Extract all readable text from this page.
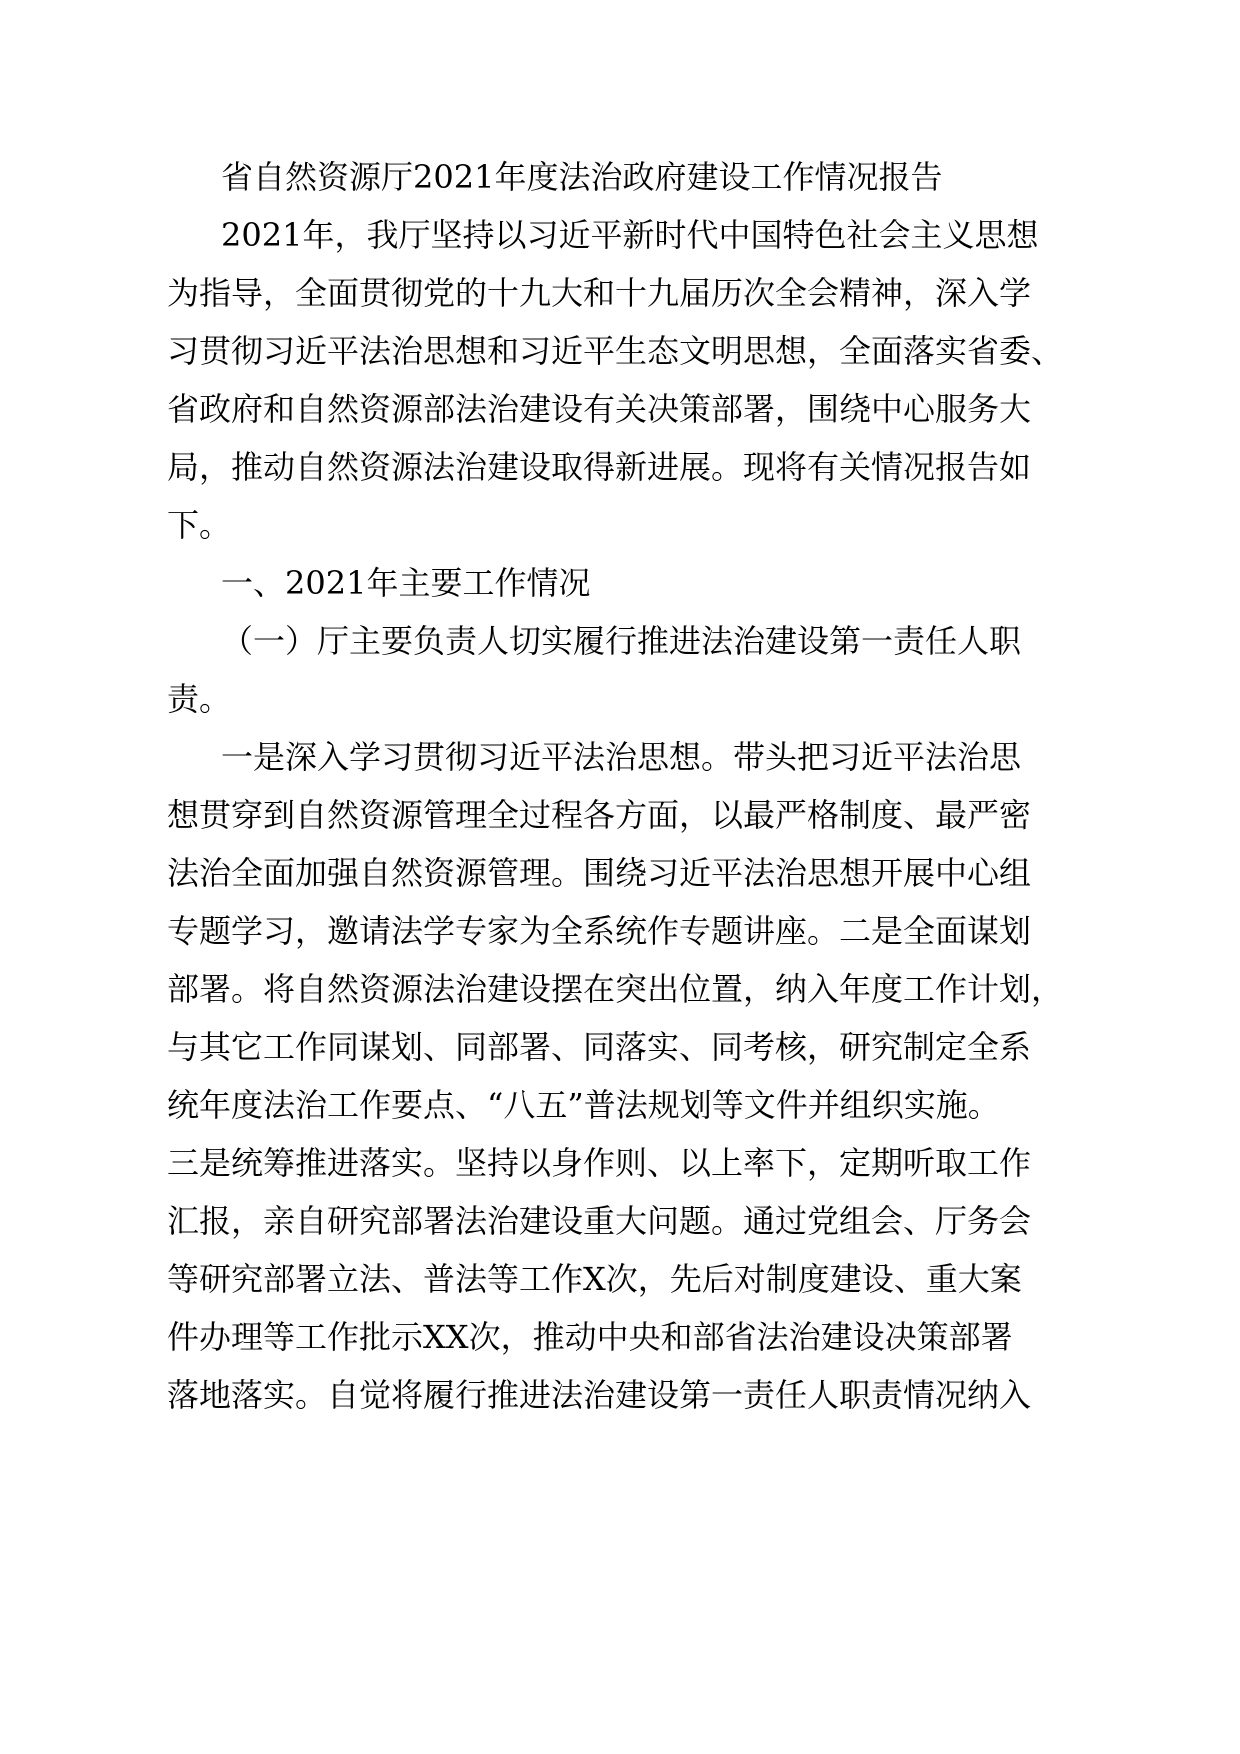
省自然资源厅2021年度法治政府建设工作情况报告
2021年，我厅坚持以习近平新时代中国特色社会主义思想
为指导，全面贯彻党的十九大和十九届历次全会精神，深入学
习贯彻习近平法治思想和习近平生态文明思想，全面落实省委、
省政府和自然资源部法治建设有关决策部署，围绕中心服务大
局，推动自然资源法治建设取得新进展。现将有关情况报告如
下。
一、2021年主要工作情况
（一）厅主要负责人切实履行推进法治建设第一责任人职
责。
一是深入学习贯彻习近平法治思想。带头把习近平法治思
想贯穿到自然资源管理全过程各方面，以最严格制度、最严密
法治全面加强自然资源管理。围绕习近平法治思想开展中心组
专题学习，邀请法学专家为全系统作专题讲座。二是全面谋划
部署。将自然资源法治建设摆在突出位置，纳入年度工作计划，
与其它工作同谋划、同部署、同落实、同考核，研究制定全系
统年度法治工作要点、“八五”普法规划等文件并组织实施。
三是统筹推进落实。坚持以身作则、以上率下，定期听取工作
汇报，亲自研究部署法治建设重大问题。通过党组会、厅务会
等研究部署立法、普法等工作X次，先后对制度建设、重大案
件办理等工作批示XX次，推动中央和部省法治建设决策部署
落地落实。自觉将履行推进法治建设第一责任人职责情况纳入
